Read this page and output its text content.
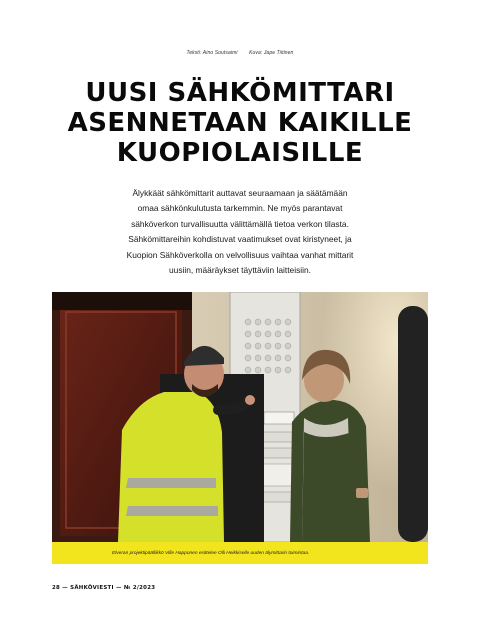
Teksti: Aino Soutsaimi Kuva: Jape Tiitinen
UUSI SÄHKÖMITTARI
ASENNETAAN KAIKILLE
KUOPIOLAISILLE
Älykkäät sähkömittarit auttavat seuraamaan ja säätämään
omaa sähkönkulutusta tarkemmin. Ne myös parantavat
sähköverkon turvallisuutta välittämällä tietoa verkon tilasta.
Sähkömittareihin kohdistuvat vaatimukset ovat kiristyneet, ja
Kuopion Sähköverkolla on velvollisuus vaihtaa vanhat mittarit
uusiin, määräykset täyttäviin laitteisiin.
Elveran projektipäällikkö Ville Happonen esittelee Olli Heikkiselle uuden älymittarin toimintaa.
28 — SÄHKÖVIESTI — № 2/2023
